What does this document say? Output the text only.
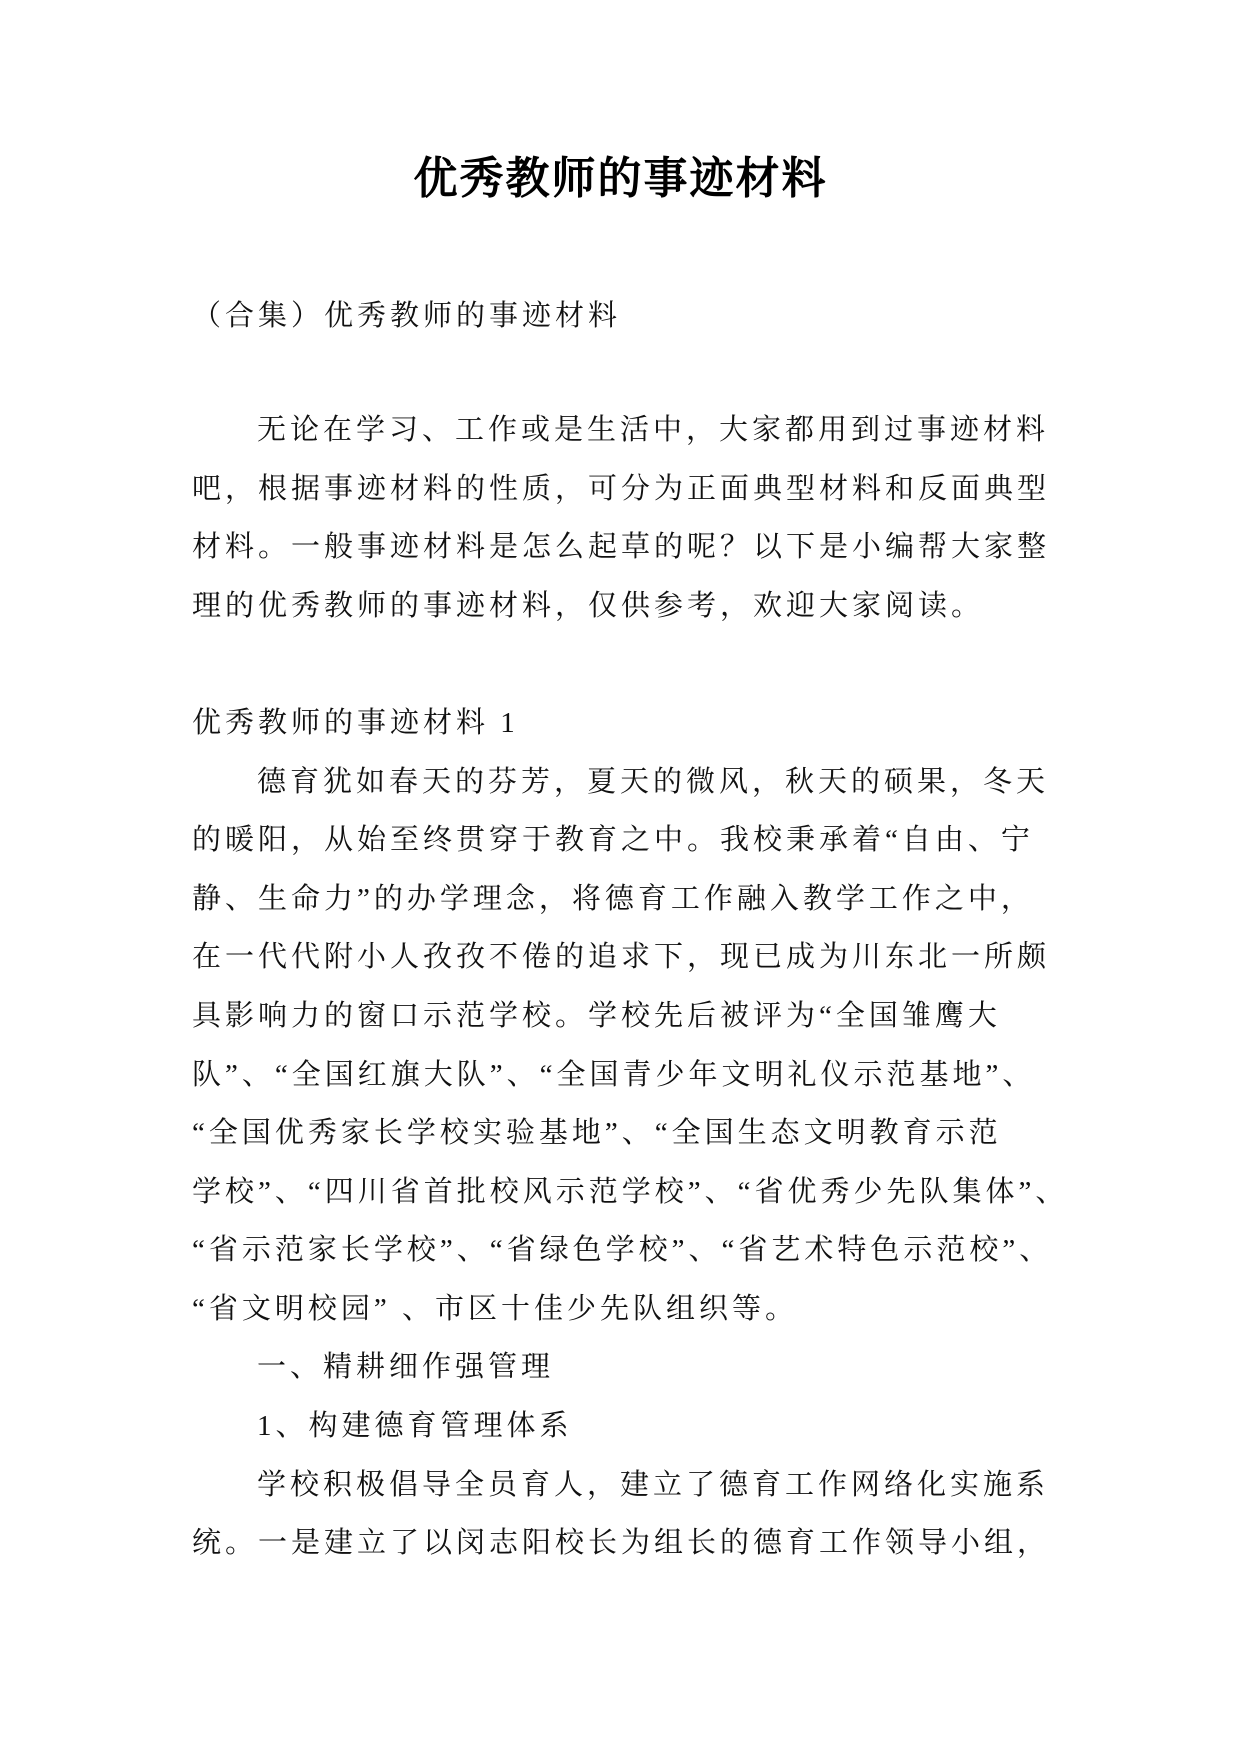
优秀教师的事迹材料
（合集）优秀教师的事迹材料
无论在学习、工作或是生活中，大家都用到过事迹材料
吧，根据事迹材料的性质，可分为正面典型材料和反面典型
材料。一般事迹材料是怎么起草的呢？以下是小编帮大家整
理的优秀教师的事迹材料，仅供参考，欢迎大家阅读。
优秀教师的事迹材料 1
德育犹如春天的芬芳，夏天的微风，秋天的硕果，冬天
的暖阳，从始至终贯穿于教育之中。我校秉承着“自由、宁
静、生命力”的办学理念，将德育工作融入教学工作之中，
在一代代附小人孜孜不倦的追求下，现已成为川东北一所颇
具影响力的窗口示范学校。学校先后被评为“全国雏鹰大
队”、“全国红旗大队”、“全国青少年文明礼仪示范基地”、
“全国优秀家长学校实验基地”、“全国生态文明教育示范
学校”、“四川省首批校风示范学校”、“省优秀少先队集体”、
“省示范家长学校”、“省绿色学校”、“省艺术特色示范校”、
“省文明校园” 、市区十佳少先队组织等。
一、精耕细作强管理
1、构建德育管理体系
学校积极倡导全员育人，建立了德育工作网络化实施系
统。一是建立了以闵志阳校长为组长的德育工作领导小组，
